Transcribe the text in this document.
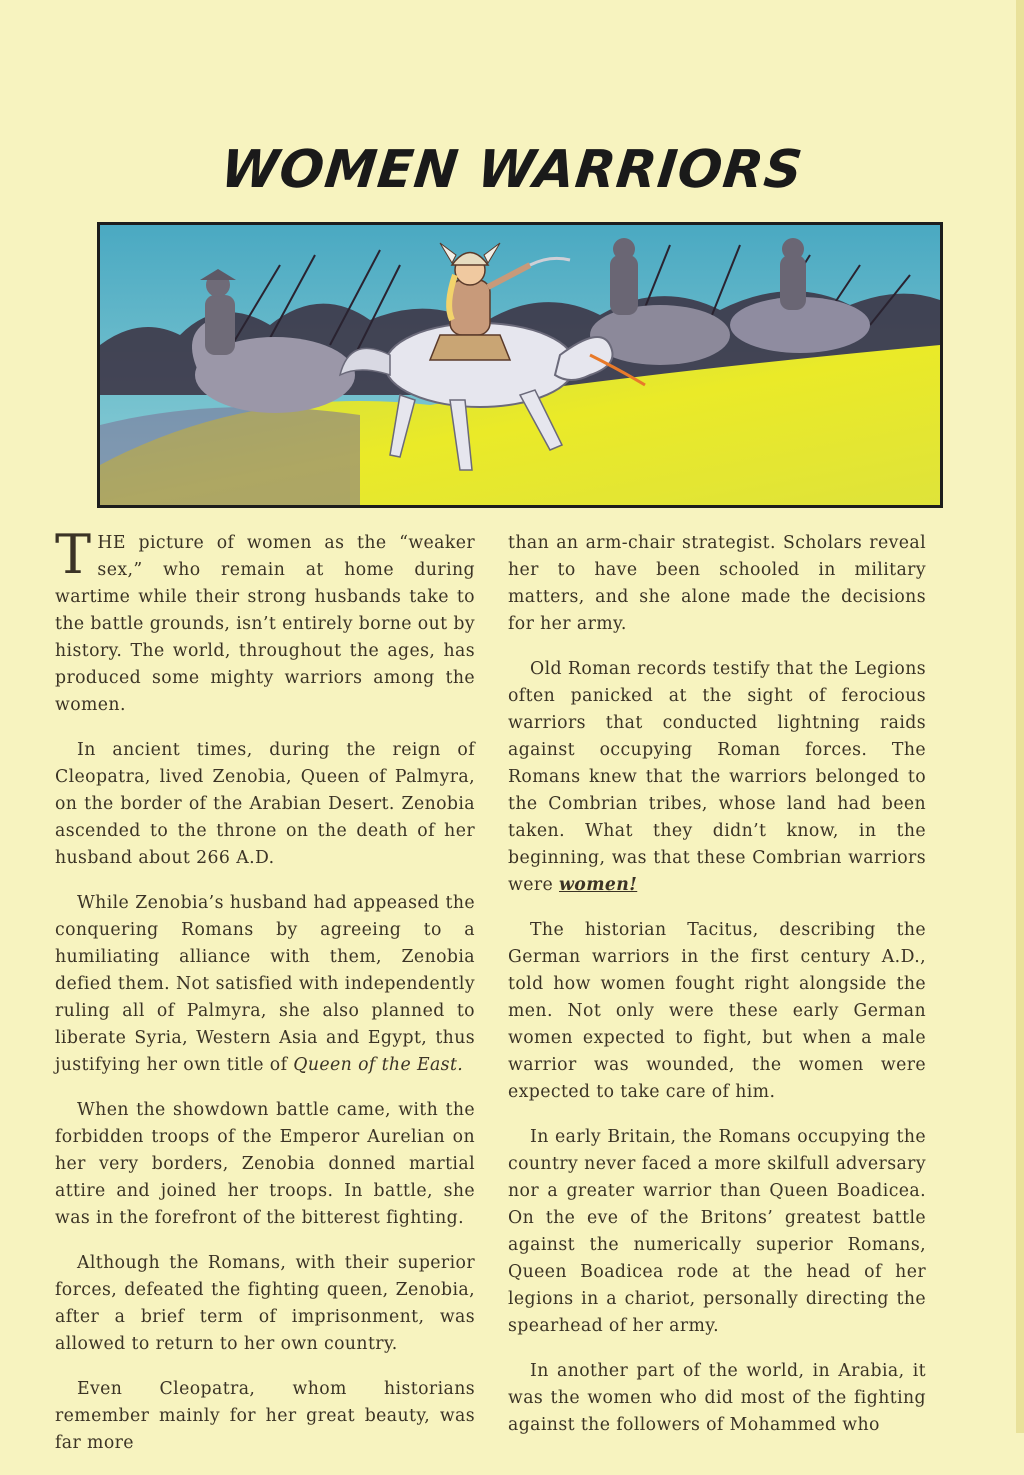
WOMEN WARRIORS

THE picture of women as the “weaker sex,” who remain at home during wartime while their strong husbands take to the battle grounds, isn’t entirely borne out by history. The world, throughout the ages, has produced some mighty warriors among the women.

In ancient times, during the reign of Cleopatra, lived Zenobia, Queen of Palmyra, on the border of the Arabian Desert. Zenobia ascended to the throne on the death of her husband about 266 A.D.

While Zenobia’s husband had appeased the conquering Romans by agreeing to a humiliating alliance with them, Zenobia defied them. Not satisfied with independently ruling all of Palmyra, she also planned to liberate Syria, Western Asia and Egypt, thus justifying her own title of Queen of the East.

When the showdown battle came, with the forbidden troops of the Emperor Aurelian on her very borders, Zenobia donned martial attire and joined her troops. In battle, she was in the forefront of the bitterest fighting.

Although the Romans, with their superior forces, defeated the fighting queen, Zenobia, after a brief term of imprisonment, was allowed to return to her own country.

Even Cleopatra, whom historians remember mainly for her great beauty, was far more

than an arm-chair strategist. Scholars reveal her to have been schooled in military matters, and she alone made the decisions for her army.

Old Roman records testify that the Legions often panicked at the sight of ferocious warriors that conducted lightning raids against occupying Roman forces. The Romans knew that the warriors belonged to the Combrian tribes, whose land had been taken. What they didn’t know, in the beginning, was that these Combrian warriors were women!

The historian Tacitus, describing the German warriors in the first century A.D., told how women fought right alongside the men. Not only were these early German women expected to fight, but when a male warrior was wounded, the women were expected to take care of him.

In early Britain, the Romans occupying the country never faced a more skilfull adversary nor a greater warrior than Queen Boadicea. On the eve of the Britons’ greatest battle against the numerically superior Romans, Queen Boadicea rode at the head of her legions in a chariot, personally directing the spearhead of her army.

In another part of the world, in Arabia, it was the women who did most of the fighting against the followers of Mohammed who
